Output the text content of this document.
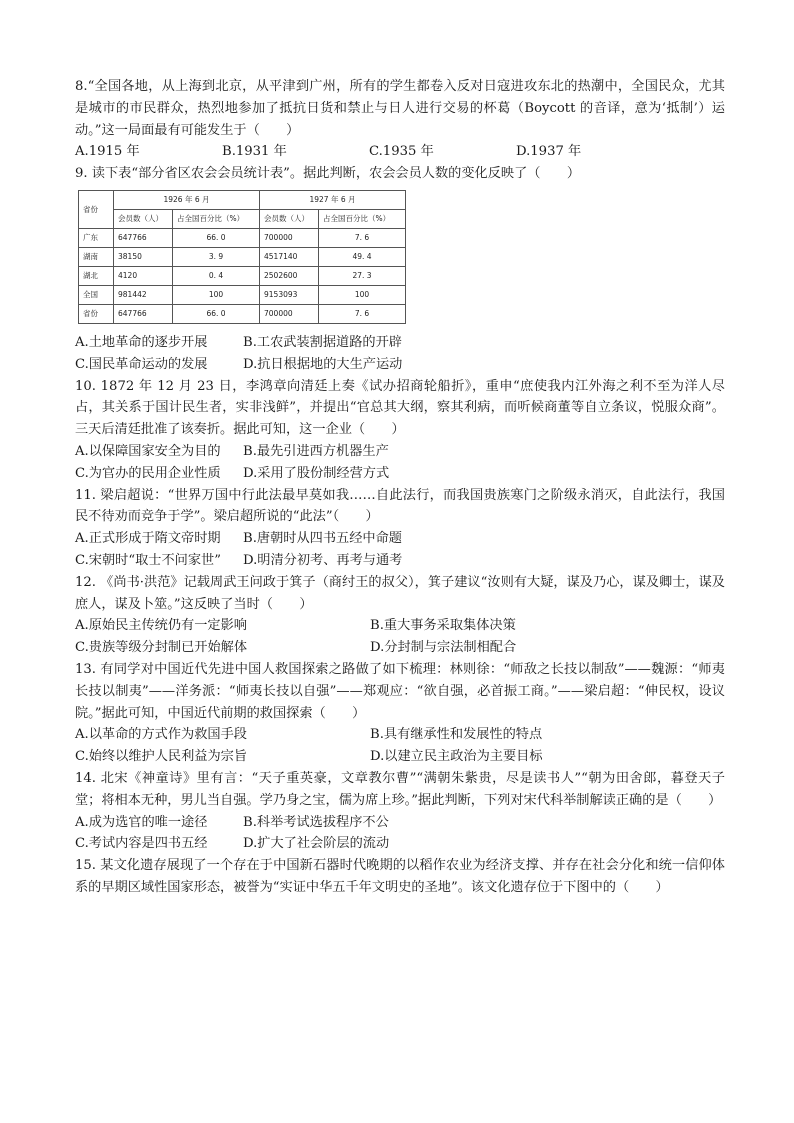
8.“全国各地，从上海到北京，从平津到广州，所有的学生都卷入反对日寇进攻东北的热潮中，全国民众，尤其是城市的市民群众，热烈地参加了抵抗日货和禁止与日人进行交易的杯葛（Boycott 的音译，意为‘抵制’）运动。”这一局面最有可能发生于（　　）

A.1915 年	B.1931 年	C.1935 年	D.1937 年

9. 读下表“部分省区农会会员统计表”。据此判断，农会会员人数的变化反映了（　　）

省份	1926 年 6 月		1927 年 6 月	
	会员数（人）	占全国百分比（%）	会员数（人）	占全国百分比（%）
广东	647766	66. 0	700000	7. 6
湖南	38150	3. 9	4517140	49. 4
湖北	4120	0. 4	2502600	27. 3
全国	981442	100	9153093	100
省份	647766	66. 0	700000	7. 6
A.土地革命的逐步开展	B.工农武装割据道路的开辟
C.国民革命运动的发展	D.抗日根据地的大生产运动

10. 1872 年 12 月 23 日，李鸿章向清廷上奏《试办招商轮船折》，重申“庶使我内江外海之利不至为洋人尽占，其关系于国计民生者，实非浅鲜”，并提出“官总其大纲，察其利病，而听候商董等自立条议，悦服众商”。三天后清廷批准了该奏折。据此可知，这一企业（　　）

A.以保障国家安全为目的	B.最先引进西方机器生产
C.为官办的民用企业性质	D.采用了股份制经营方式

11. 梁启超说：“世界万国中行此法最早莫如我……自此法行，而我国贵族寒门之阶级永消灭，自此法行，我国民不待劝而竞争于学”。梁启超所说的“此法”（　　）

A.正式形成于隋文帝时期	B.唐朝时从四书五经中命题
C.宋朝时“取士不问家世”	D.明清分初考、再考与通考

12. 《尚书·洪范》记载周武王问政于箕子（商纣王的叔父），箕子建议“汝则有大疑，谋及乃心，谋及卿士，谋及庶人，谋及卜筮。”这反映了当时（　　）

A.原始民主传统仍有一定影响	B.重大事务采取集体决策
C.贵族等级分封制已开始解体	D.分封制与宗法制相配合

13. 有同学对中国近代先进中国人救国探索之路做了如下梳理：林则徐：“师敌之长技以制敌”——魏源：“师夷长技以制夷”——洋务派：“师夷长技以自强”——郑观应：“欲自强，必首振工商。”——梁启超：“伸民权，设议院。”据此可知，中国近代前期的救国探索（　　）

A.以革命的方式作为救国手段	B.具有继承性和发展性的特点
C.始终以维护人民利益为宗旨	D.以建立民主政治为主要目标

14. 北宋《神童诗》里有言：“天子重英豪，文章教尔曹”“满朝朱紫贵，尽是读书人”“朝为田舍郎，暮登天子堂；将相本无种，男儿当自强。学乃身之宝，儒为席上珍。”据此判断，下列对宋代科举制解读正确的是（　　）

A.成为选官的唯一途径	B.科举考试选拔程序不公
C.考试内容是四书五经	D.扩大了社会阶层的流动

15. 某文化遗存展现了一个存在于中国新石器时代晚期的以稻作农业为经济支撑、并存在社会分化和统一信仰体系的早期区域性国家形态，被誉为“实证中华五千年文明史的圣地”。该文化遗存位于下图中的（　　）
